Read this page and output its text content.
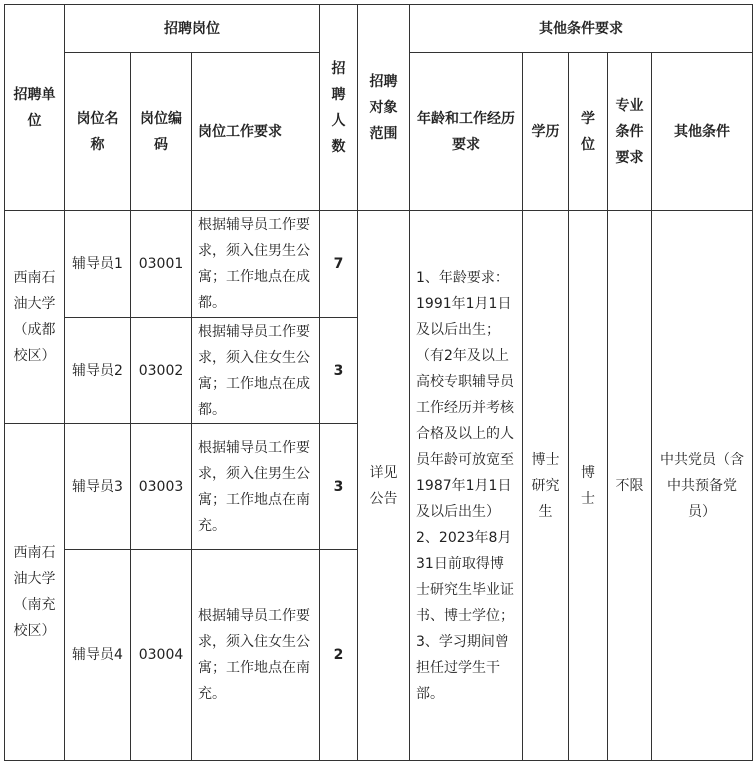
招聘单位	招聘岗位			招聘人数	招聘对象范围	其他条件要求				
	岗位名称	岗位编码	岗位工作要求			年龄和工作经历要求	学历	学位	专业条件要求	其他条件
西南石油大学（成都校区）	辅导员1	03001	根据辅导员工作要求，须入住男生公寓；工作地点在成都。	7	详见公告	1、年龄要求：1991年1月1日及以后出生；（有2年及以上高校专职辅导员工作经历并考核合格及以上的人员年龄可放宽至1987年1月1日及以后出生）2、2023年8月31日前取得博士研究生毕业证书、博士学位；3、学习期间曾担任过学生干部。	博士研究生	博士	不限	中共党员（含中共预备党员）
	辅导员2	03002	根据辅导员工作要求，须入住女生公寓；工作地点在成都。	3						
西南石油大学（南充校区）	辅导员3	03003	根据辅导员工作要求，须入住男生公寓；工作地点在南充。	3						
	辅导员4	03004	根据辅导员工作要求，须入住女生公寓；工作地点在南充。	2						
